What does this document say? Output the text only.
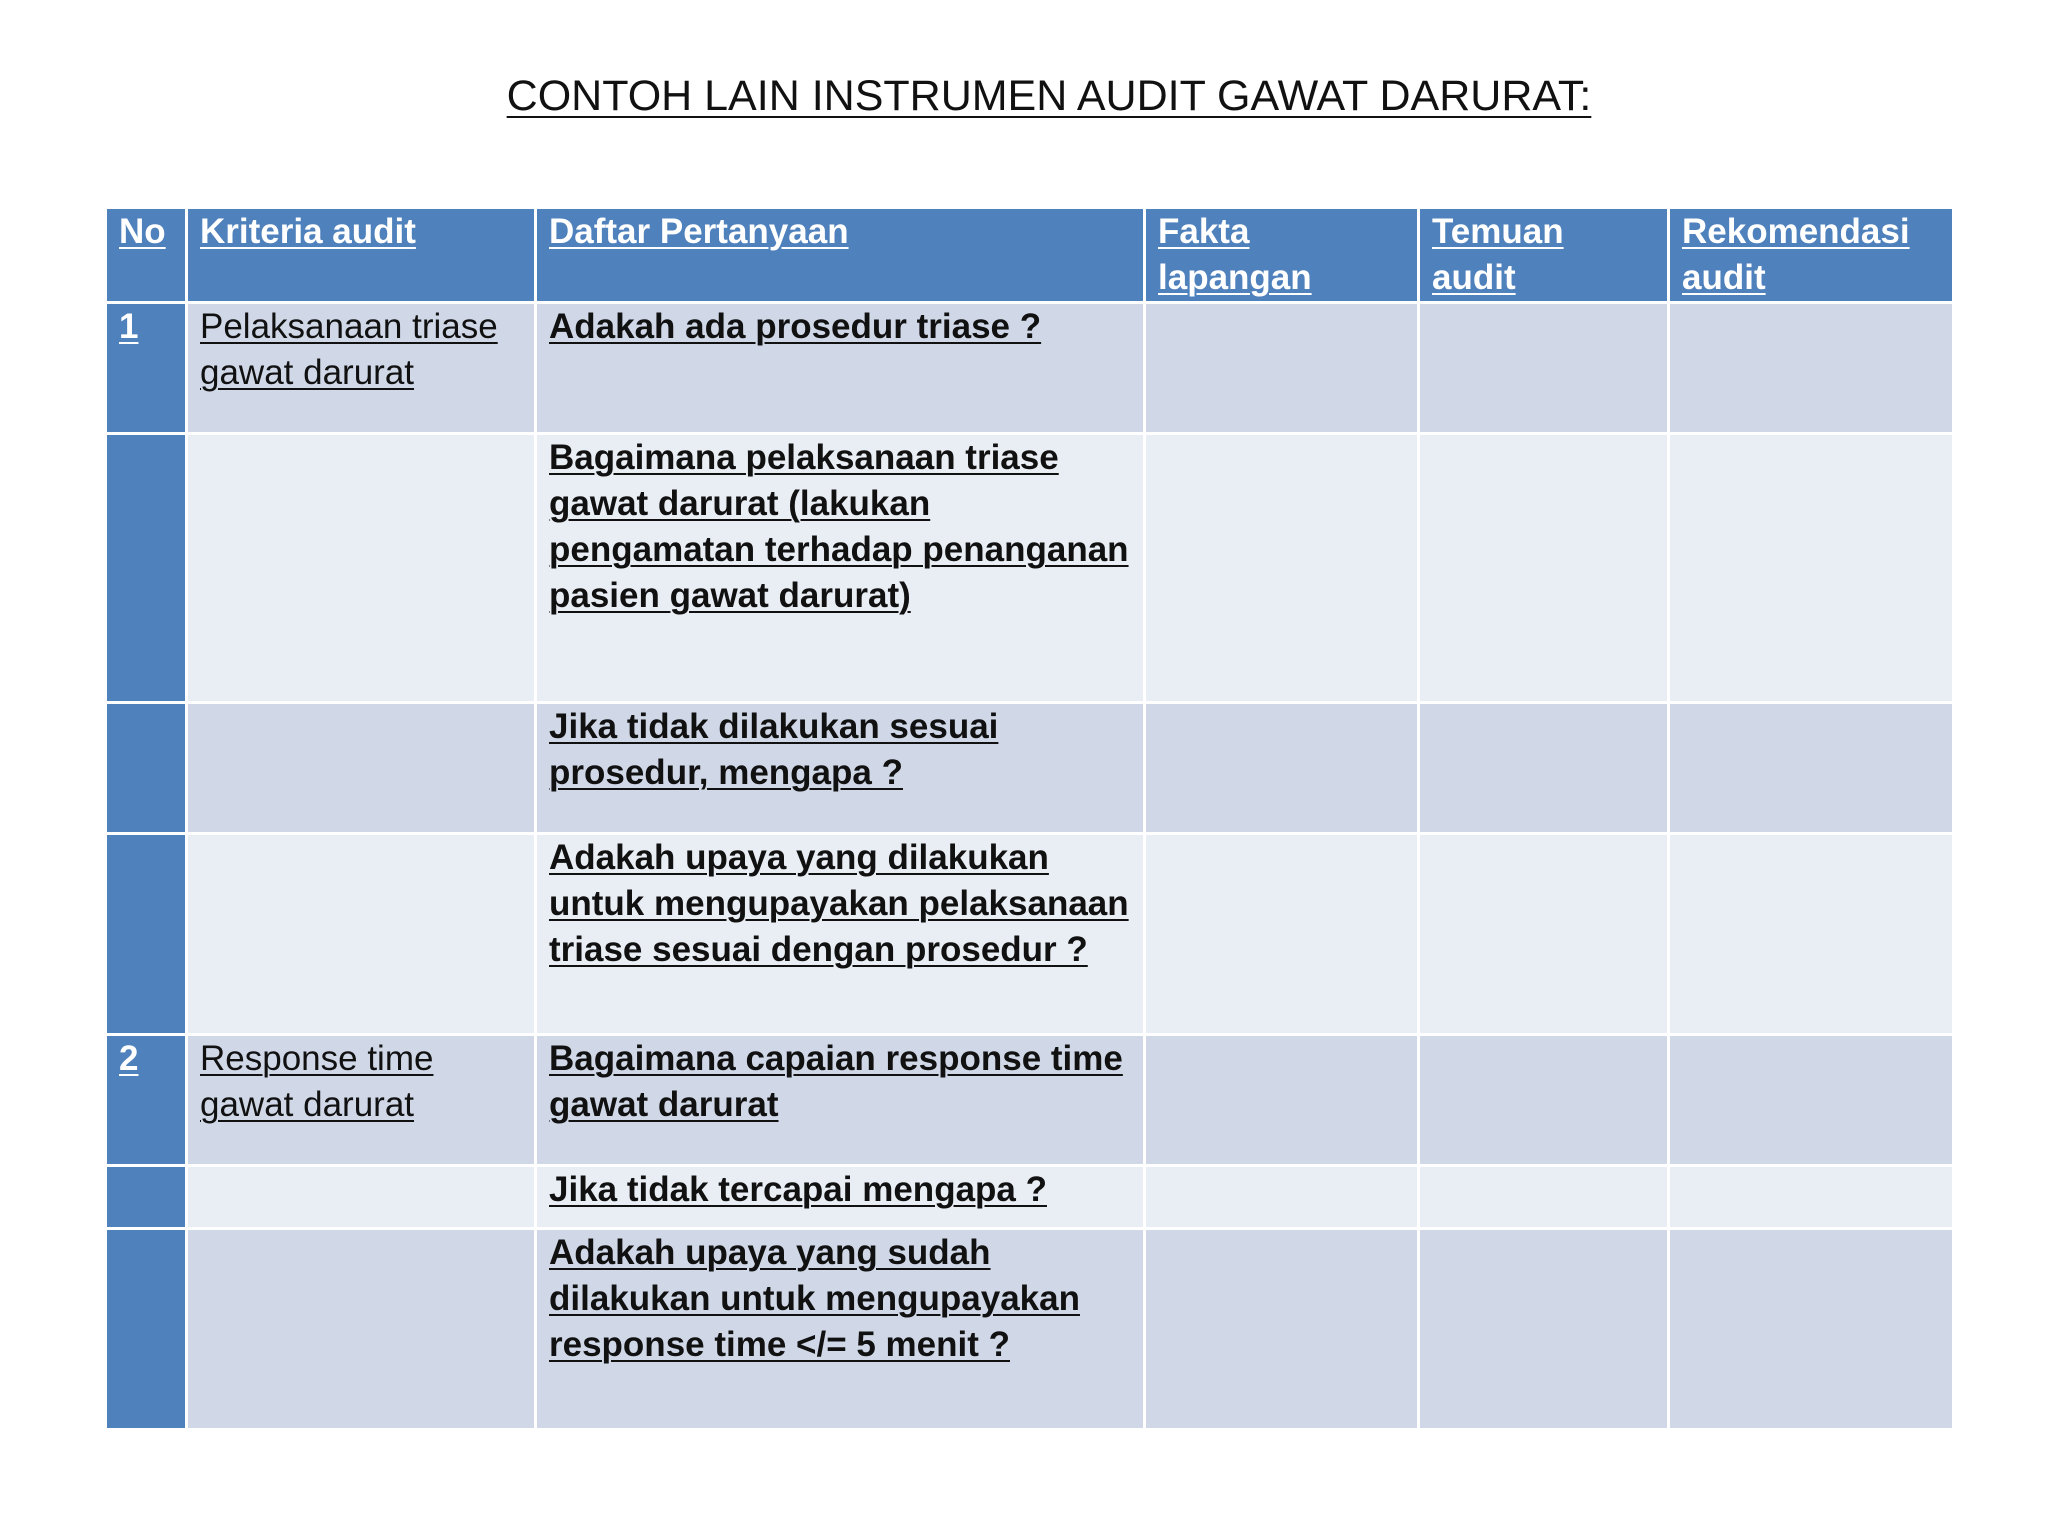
CONTOH LAIN INSTRUMEN AUDIT GAWAT DARURAT:
No	Kriteria audit	Daftar Pertanyaan	Fakta lapangan	Temuan audit	Rekomendasi audit
1	Pelaksanaan triase gawat darurat	Adakah ada prosedur triase ?			
		Bagaimana pelaksanaan triase gawat darurat (lakukan pengamatan terhadap penanganan pasien gawat darurat)			
		Jika tidak dilakukan sesuai prosedur, mengapa ?			
		Adakah upaya yang dilakukan untuk mengupayakan pelaksanaan triase sesuai dengan prosedur ?			
2	Response time gawat darurat	Bagaimana capaian response time gawat darurat			
		Jika tidak tercapai mengapa ?			
		Adakah upaya yang sudah dilakukan untuk mengupayakan response time </= 5 menit ?			
